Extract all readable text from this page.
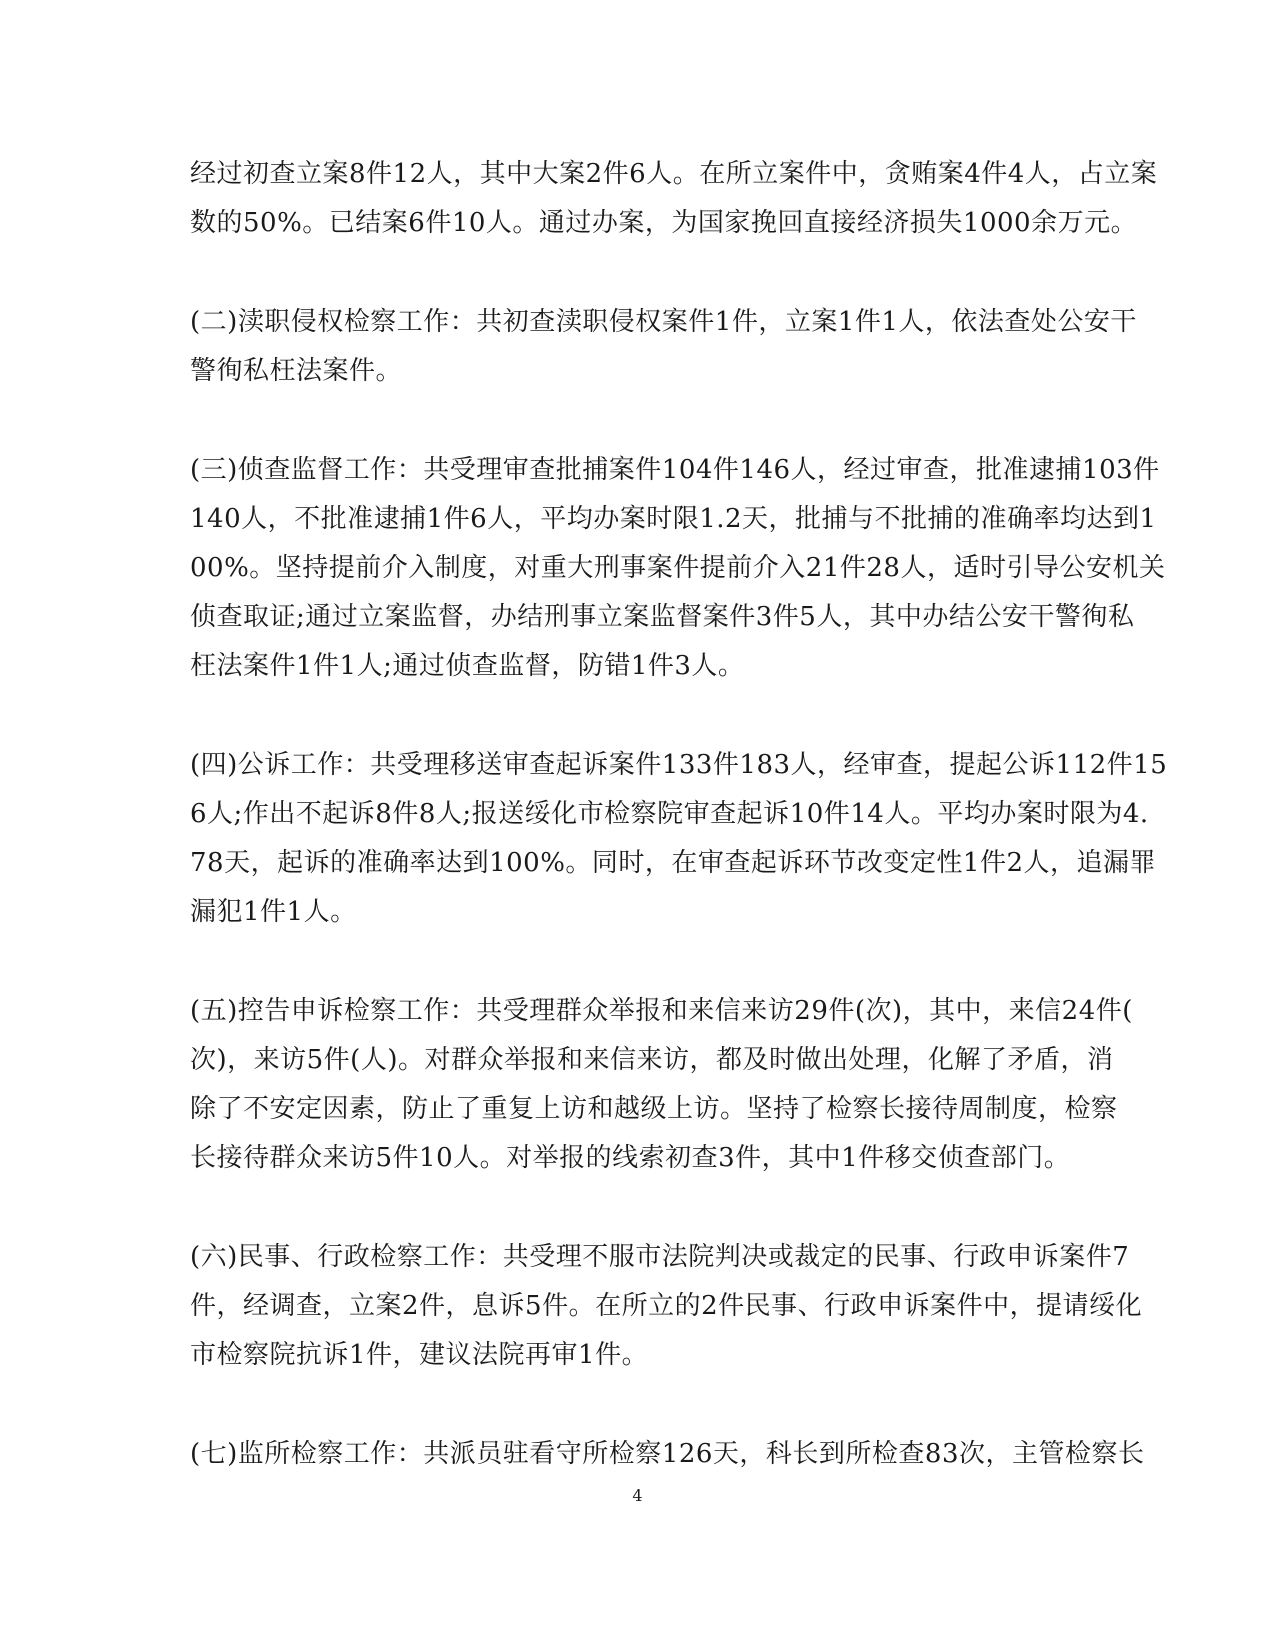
经过初查立案8件12人，其中大案2件6人。在所立案件中，贪贿案4件4人，占立案
数的50%。已结案6件10人。通过办案，为国家挽回直接经济损失1000余万元。

(二)渎职侵权检察工作：共初查渎职侵权案件1件，立案1件1人，依法查处公安干
警徇私枉法案件。

(三)侦查监督工作：共受理审查批捕案件104件146人，经过审查，批准逮捕103件
140人，不批准逮捕1件6人，平均办案时限1.2天，批捕与不批捕的准确率均达到1
00%。坚持提前介入制度，对重大刑事案件提前介入21件28人，适时引导公安机关
侦查取证;通过立案监督，办结刑事立案监督案件3件5人，其中办结公安干警徇私
枉法案件1件1人;通过侦查监督，防错1件3人。

(四)公诉工作：共受理移送审查起诉案件133件183人，经审查，提起公诉112件15
6人;作出不起诉8件8人;报送绥化市检察院审查起诉10件14人。平均办案时限为4.
78天，起诉的准确率达到100%。同时，在审查起诉环节改变定性1件2人，追漏罪
漏犯1件1人。

(五)控告申诉检察工作：共受理群众举报和来信来访29件(次)，其中，来信24件(
次)，来访5件(人)。对群众举报和来信来访，都及时做出处理，化解了矛盾，消
除了不安定因素，防止了重复上访和越级上访。坚持了检察长接待周制度，检察
长接待群众来访5件10人。对举报的线索初查3件，其中1件移交侦查部门。

(六)民事、行政检察工作：共受理不服市法院判决或裁定的民事、行政申诉案件7
件，经调查，立案2件，息诉5件。在所立的2件民事、行政申诉案件中，提请绥化
市检察院抗诉1件，建议法院再审1件。

(七)监所检察工作：共派员驻看守所检察126天，科长到所检查83次，主管检察长

4
